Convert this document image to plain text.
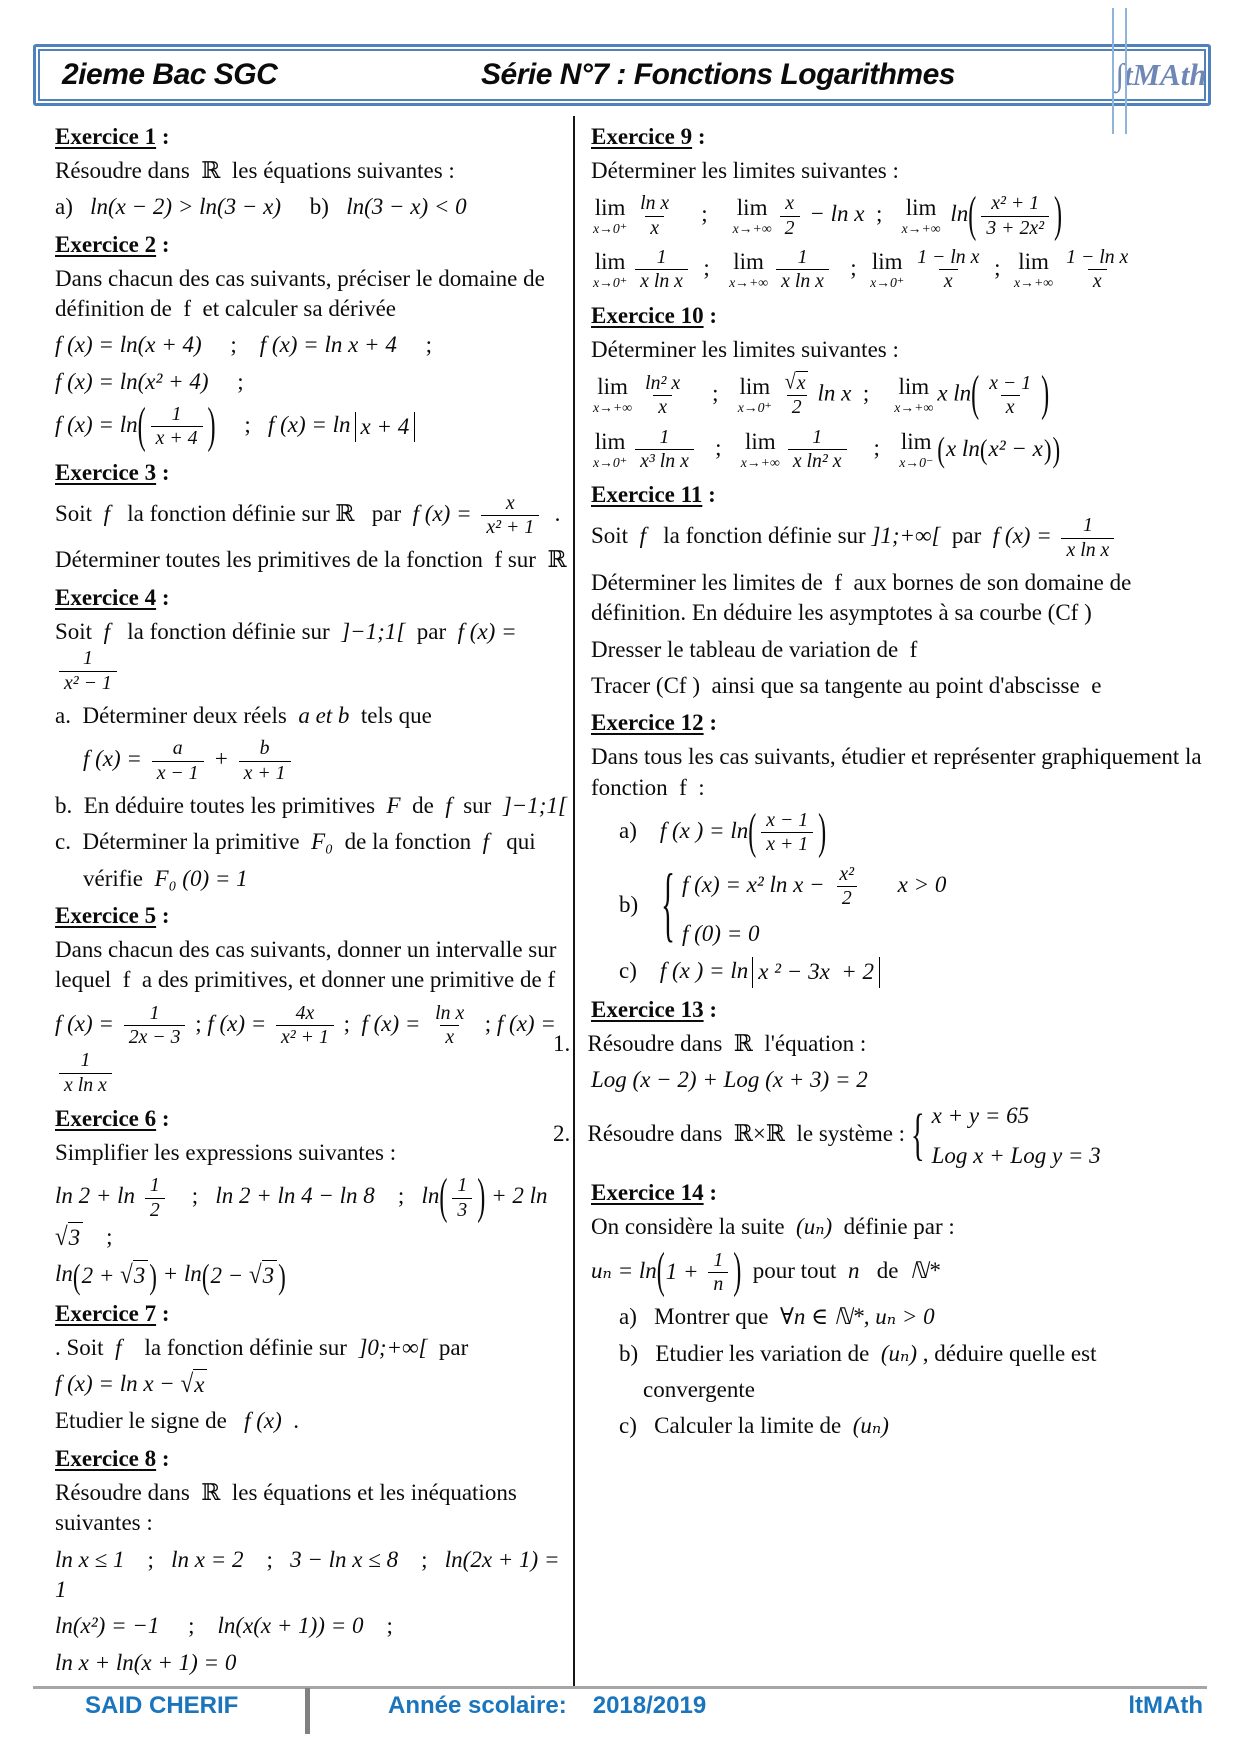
2ieme Bac SGC	Série N°7 : Fonctions Logarithmes	∫tMAth
Exercice 1 :
Résoudre dans  ℝ  les équations suivantes :
a)   ln(x − 2) > ln(3 − x)     b)   ln(3 − x) < 0
Exercice 2 :
Dans chacun des cas suivants, préciser le domaine de définition de  f  et calculer sa dérivée
f (x) = ln(x + 4)     ;    f (x) = ln x + 4     ;
f (x) = ln(x² + 4)     ;
f (x) = ln ( $\frac{1}{x + 4}$ ) ;   f (x) = ln x + 4
Exercice 3 :
Soit  f   la fonction définie sur ℝ   par  f $(x) = \frac{x}{\text{x² + 1}}$ .
Déterminer toutes les primitives de la fonction  f sur  ℝ
Exercice 4 :
Soit  f   la fonction définie sur  ]−1;1[  par  f (x) =
$\frac{1}{\text{x² − 1}}$
a.  Déterminer deux réels  a et b  tels que
f $(x) = \frac{a}{x - 1} + \frac{b}{x + 1}$
b.  En déduire toutes les primitives  F  de  f  sur  ]−1;1[
c.  Déterminer la primitive  F₀  de la fonction  f   qui
vérifie  F₀ (0) = 1
Exercice 5 :
Dans chacun des cas suivants, donner un intervalle sur lequel  f  a des primitives, et donner une primitive de f
f $(x) = \frac{1}{2x - 3}$ ; f $(x) = \frac{4x}{\text{x² + 1}}$ ;  f $(x) = \frac{\text{ln x}}{x}$ ; f (x) =
$\frac{1}{\text{x ln x}}$
Exercice 6 :
Simplifier les expressions suivantes :
$\ln 2 + \ln \frac{1}{2}$ ;   ln 2 + ln 4 − ln 8    ;   ln ( $\frac{1}{3}$ ) + 2 ln
√ 3 ;
ln ( 2 + √ 3 ) + ln ( 2 − √ 3 )
Exercice 7 :
. Soit  f    la fonction définie sur  ]0;+∞[  par
f (x) = ln x − √ x
Etudier le signe de   f (x)  .
Exercice 8 :
Résoudre dans  ℝ  les équations et les inéquations suivantes :
ln x ≤ 1    ;   ln x = 2    ;   3 − ln x ≤ 8    ;   ln(2x + 1) = 1
ln(x²) = −1     ;    ln(x(x + 1)) = 0    ;
ln x + ln(x + 1) = 0
Exercice 9 :
Déterminer les limites suivantes :
lim
$x\to 0^+ \frac{\text{ln x}}{x}$ ; lim
$x\to+\infty \frac{x}{2} - \ln x$  ; lim
x→+∞
ln ( $\frac{\text{x² + 1}}{\text{3 + 2x²}}$ )
lim
$x\to 0^+ \frac{1}{\text{x ln x}}$ ; lim
$x\to+\infty \frac{1}{\text{x ln x}}$ ; lim
$x\to 0^+ \frac{\text{1 − ln x}}{x}$ ; lim
$x\to+\infty \frac{\text{1 − ln x}}{x}$
Exercice 10 :
Déterminer les limites suivantes :
lim
$x\to+\infty \frac{\text{ln² x}}{x}$ ; lim
$x\to 0^+ \frac{√ x}{2}$ ln x  ; lim
x→+∞
x ln ( $\frac{x - 1}{x}$ )
lim
$x\to 0^+ \frac{1}{\text{x³ ln x}}$ ; lim
$x\to+\infty \frac{1}{\text{x ln² x}}$ ; lim
x→0⁻ ( x ln ( x² − x ) )
Exercice 11 :
Soit  f   la fonction définie sur ]1;+∞[  par  f $(x) = \frac{1}{\text{x ln x}}$
Déterminer les limites de  f  aux bornes de son domaine de définition. En déduire les asymptotes à sa courbe (Cf )
Dresser le tableau de variation de  f
Tracer (Cf )  ainsi que sa tangente au point d'abscisse  e
Exercice 12 :
Dans tous les cas suivants, étudier et représenter graphiquement la fonction  f  :
a)    f (x ) = ln ( $\frac{x - 1}{x + 1}$ )
b) { f (x) = x² $\ln x - \frac{\text{x²}}{2}$ x > 0
f (0) = 0
c)    f (x ) = ln x ² − 3x  + 2
Exercice 13 :
1.   Résoudre dans  ℝ  l'équation :
Log (x − 2) + Log (x + 3) = 2
2.   Résoudre dans  ℝ×ℝ  le système : { x + y = 65
Log x + Log y = 3
Exercice 14 :
On considère la suite  (uₙ)  définie par :
uₙ = ln ( $1 + \frac{1}{n}$ ) pour tout  n   de  ℕ*
a)   Montrer que  ∀n ∈ ℕ*, uₙ > 0
b)   Etudier les variation de  (uₙ) , déduire quelle est
convergente
c)   Calculer la limite de  (uₙ)
SAID CHERIF	Année scolaire: 2018/2019	ltMAth
